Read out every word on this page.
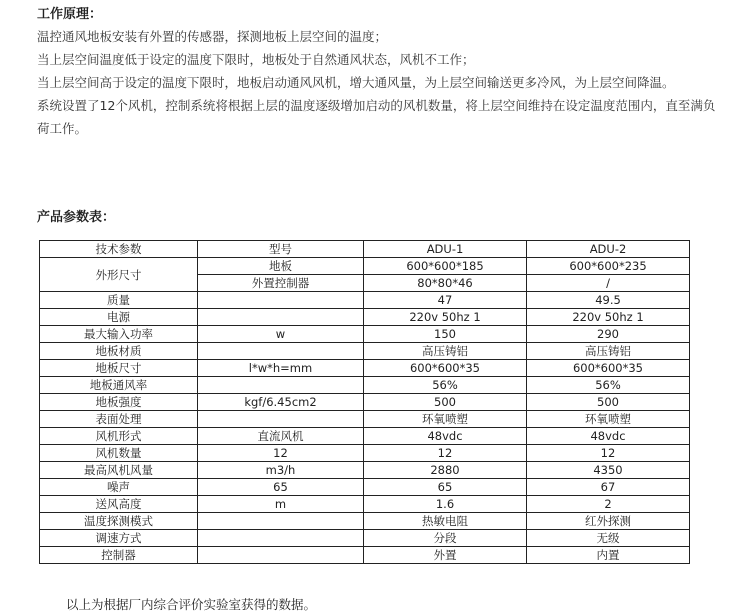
工作原理：

温控通风地板安装有外置的传感器，探测地板上层空间的温度；

当上层空间温度低于设定的温度下限时，地板处于自然通风状态，风机不工作；

当上层空间高于设定的温度下限时，地板启动通风风机，增大通风量，为上层空间输送更多冷风，为上层空间降温。

系统设置了12个风机，控制系统将根据上层的温度逐级增加启动的风机数量，将上层空间维持在设定温度范围内，直至满负荷工作。

产品参数表：
技术参数	型号	ADU-1	ADU-2
外形尺寸	地板	600*600*185	600*600*235
	外置控制器	80*80*46	/
质量		47	49.5
电源		220v 50hz 1	220v 50hz 1
最大输入功率	w	150	290
地板材质		高压铸铝	高压铸铝
地板尺寸	l*w*h=mm	600*600*35	600*600*35
地板通风率		56%	56%
地板强度	kgf/6.45cm2	500	500
表面处理		环氧喷塑	环氧喷塑
风机形式	直流风机	48vdc	48vdc
风机数量	12	12	12
最高风机风量	m3/h	2880	4350
噪声	65	65	67
送风高度	m	1.6	2
温度探测模式		热敏电阻	红外探测
调速方式		分段	无级
控制器		外置	内置
以上为根据厂内综合评价实验室获得的数据。
